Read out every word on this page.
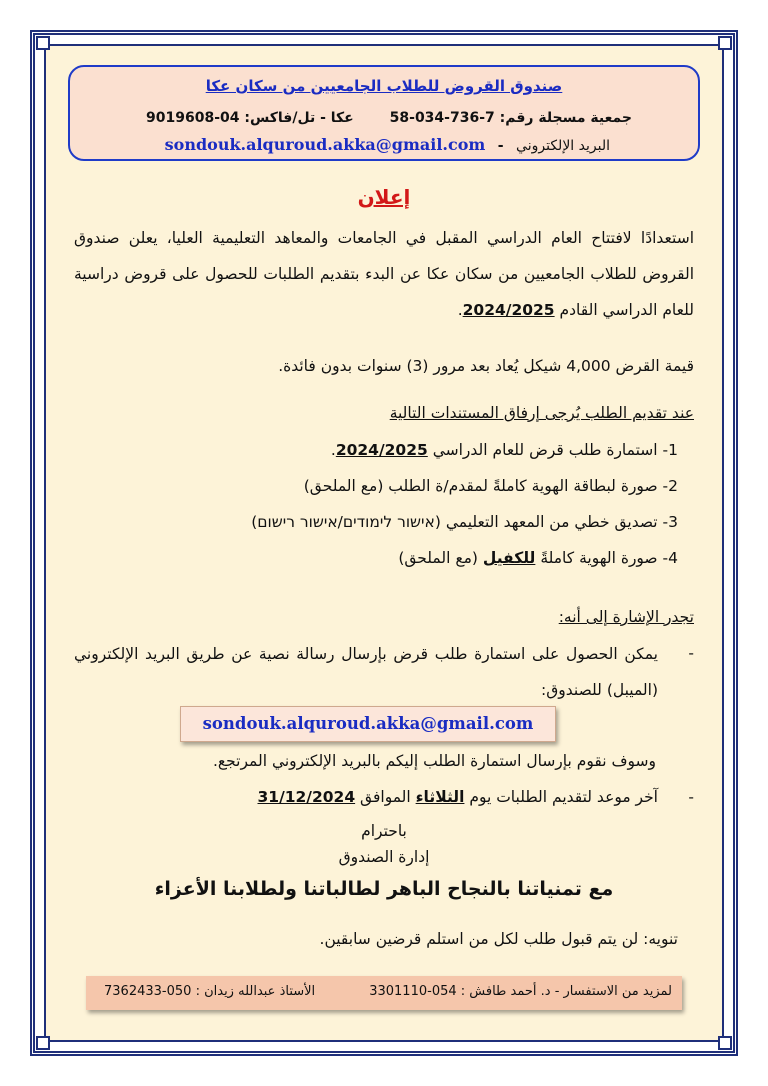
صندوق القروض للطلاب الجامعيين من سكان عكا
جمعية مسجلة رقم: 7-736-034-58
عكا - تل/فاكس: 04-9019608
البريد الإلكتروني - sondouk.alquroud.akka@gmail.com
إعلان
استعدادًا لافتتاح العام الدراسي المقبل في الجامعات والمعاهد التعليمية العليا، يعلن صندوق القروض للطلاب الجامعيين من سكان عكا عن البدء بتقديم الطلبات للحصول على قروض دراسية للعام الدراسي القادم 2024/2025.
قيمة القرض 4,000 شيكل يُعاد بعد مرور (3) سنوات بدون فائدة.
عند تقديم الطلب يُرجى إرفاق المستندات التالية
1- استمارة طلب قرض للعام الدراسي 2024/2025.
2- صورة لبطاقة الهوية كاملةً لمقدم/ة الطلب (مع الملحق)
3- تصديق خطي من المعهد التعليمي (אישור לימודים/אישור רישום)
4- صورة الهوية كاملةً للكفيل (مع الملحق)
تجدر الإشارة إلى أنه:
-
يمكن الحصول على استمارة طلب قرض بإرسال رسالة نصية عن طريق البريد الإلكتروني (الميبل) للصندوق:
sondouk.alquroud.akka@gmail.com
وسوف نقوم بإرسال استمارة الطلب إليكم بالبريد الإلكتروني المرتجع.
-
آخر موعد لتقديم الطلبات يوم الثلاثاء الموافق 31/12/2024
باحترام
إدارة الصندوق
مع تمنياتنا بالنجاح الباهر لطالباتنا ولطلابنا الأعزاء
تنويه: لن يتم قبول طلب لكل من استلم قرضين سابقين.
لمزيد من الاستفسار - د. أحمد طافش : 054-3301110
الأستاذ عبدالله زيدان : 050-7362433
